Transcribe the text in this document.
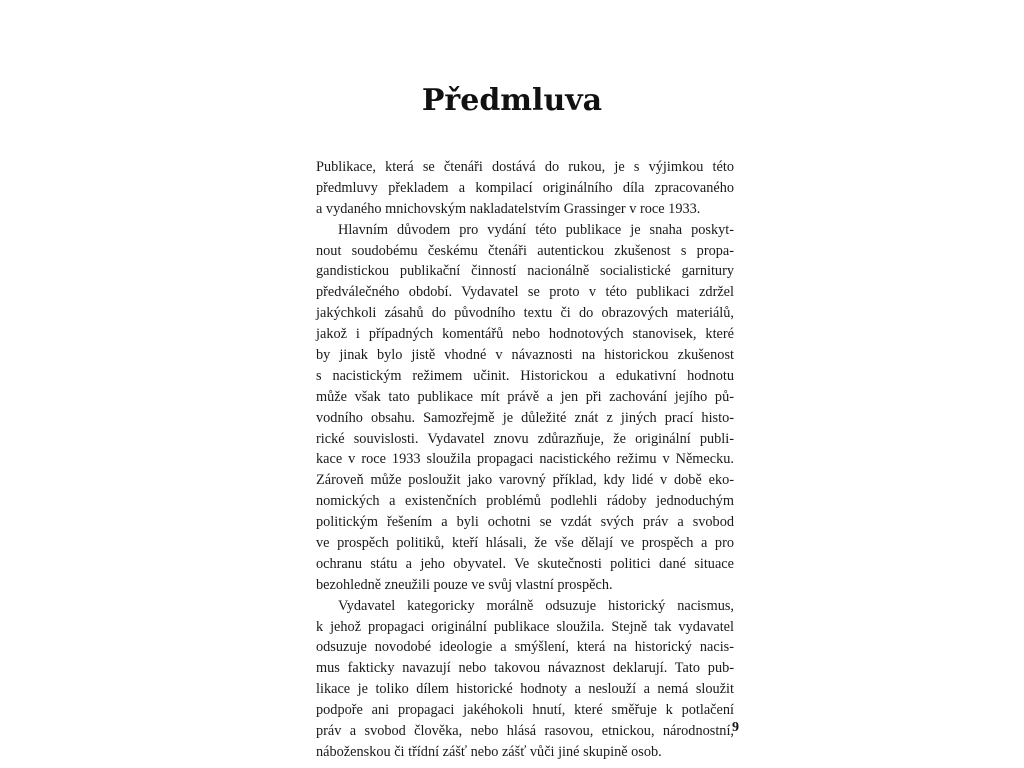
Předmluva
Publikace, která se čtenáři dostává do rukou, je s výjimkou této
předmluvy překladem a kompilací originálního díla zpracovaného
a vydaného mnichovským nakladatelstvím Grassinger v roce 1933.
Hlavním důvodem pro vydání této publikace je snaha poskyt-
nout soudobému českému čtenáři autentickou zkušenost s propa-
gandistickou publikační činností nacionálně socialistické garnitury
předválečného období. Vydavatel se proto v této publikaci zdržel
jakýchkoli zásahů do původního textu či do obrazových materiálů,
jakož i případných komentářů nebo hodnotových stanovisek, které
by jinak bylo jistě vhodné v návaznosti na historickou zkušenost
s nacistickým režimem učinit. Historickou a edukativní hodnotu
může však tato publikace mít právě a jen při zachování jejího pů-
vodního obsahu. Samozřejmě je důležité znát z jiných prací histo-
rické souvislosti. Vydavatel znovu zdůrazňuje, že originální publi-
kace v roce 1933 sloužila propagaci nacistického režimu v Německu.
Zároveň může posloužit jako varovný příklad, kdy lidé v době eko-
nomických a existenčních problémů podlehli rádoby jednoduchým
politickým řešením a byli ochotni se vzdát svých práv a svobod
ve prospěch politiků, kteří hlásali, že vše dělají ve prospěch a pro
ochranu státu a jeho obyvatel. Ve skutečnosti politici dané situace
bezohledně zneužili pouze ve svůj vlastní prospěch.
Vydavatel kategoricky morálně odsuzuje historický nacismus,
k jehož propagaci originální publikace sloužila. Stejně tak vydavatel
odsuzuje novodobé ideologie a smýšlení, která na historický nacis-
mus fakticky navazují nebo takovou návaznost deklarují. Tato pub-
likace je toliko dílem historické hodnoty a neslouží a nemá sloužit
podpoře ani propagaci jakéhokoli hnutí, které směřuje k potlačení
práv a svobod člověka, nebo hlásá rasovou, etnickou, národnostní,
náboženskou či třídní zášť nebo zášť vůči jiné skupině osob.
9
